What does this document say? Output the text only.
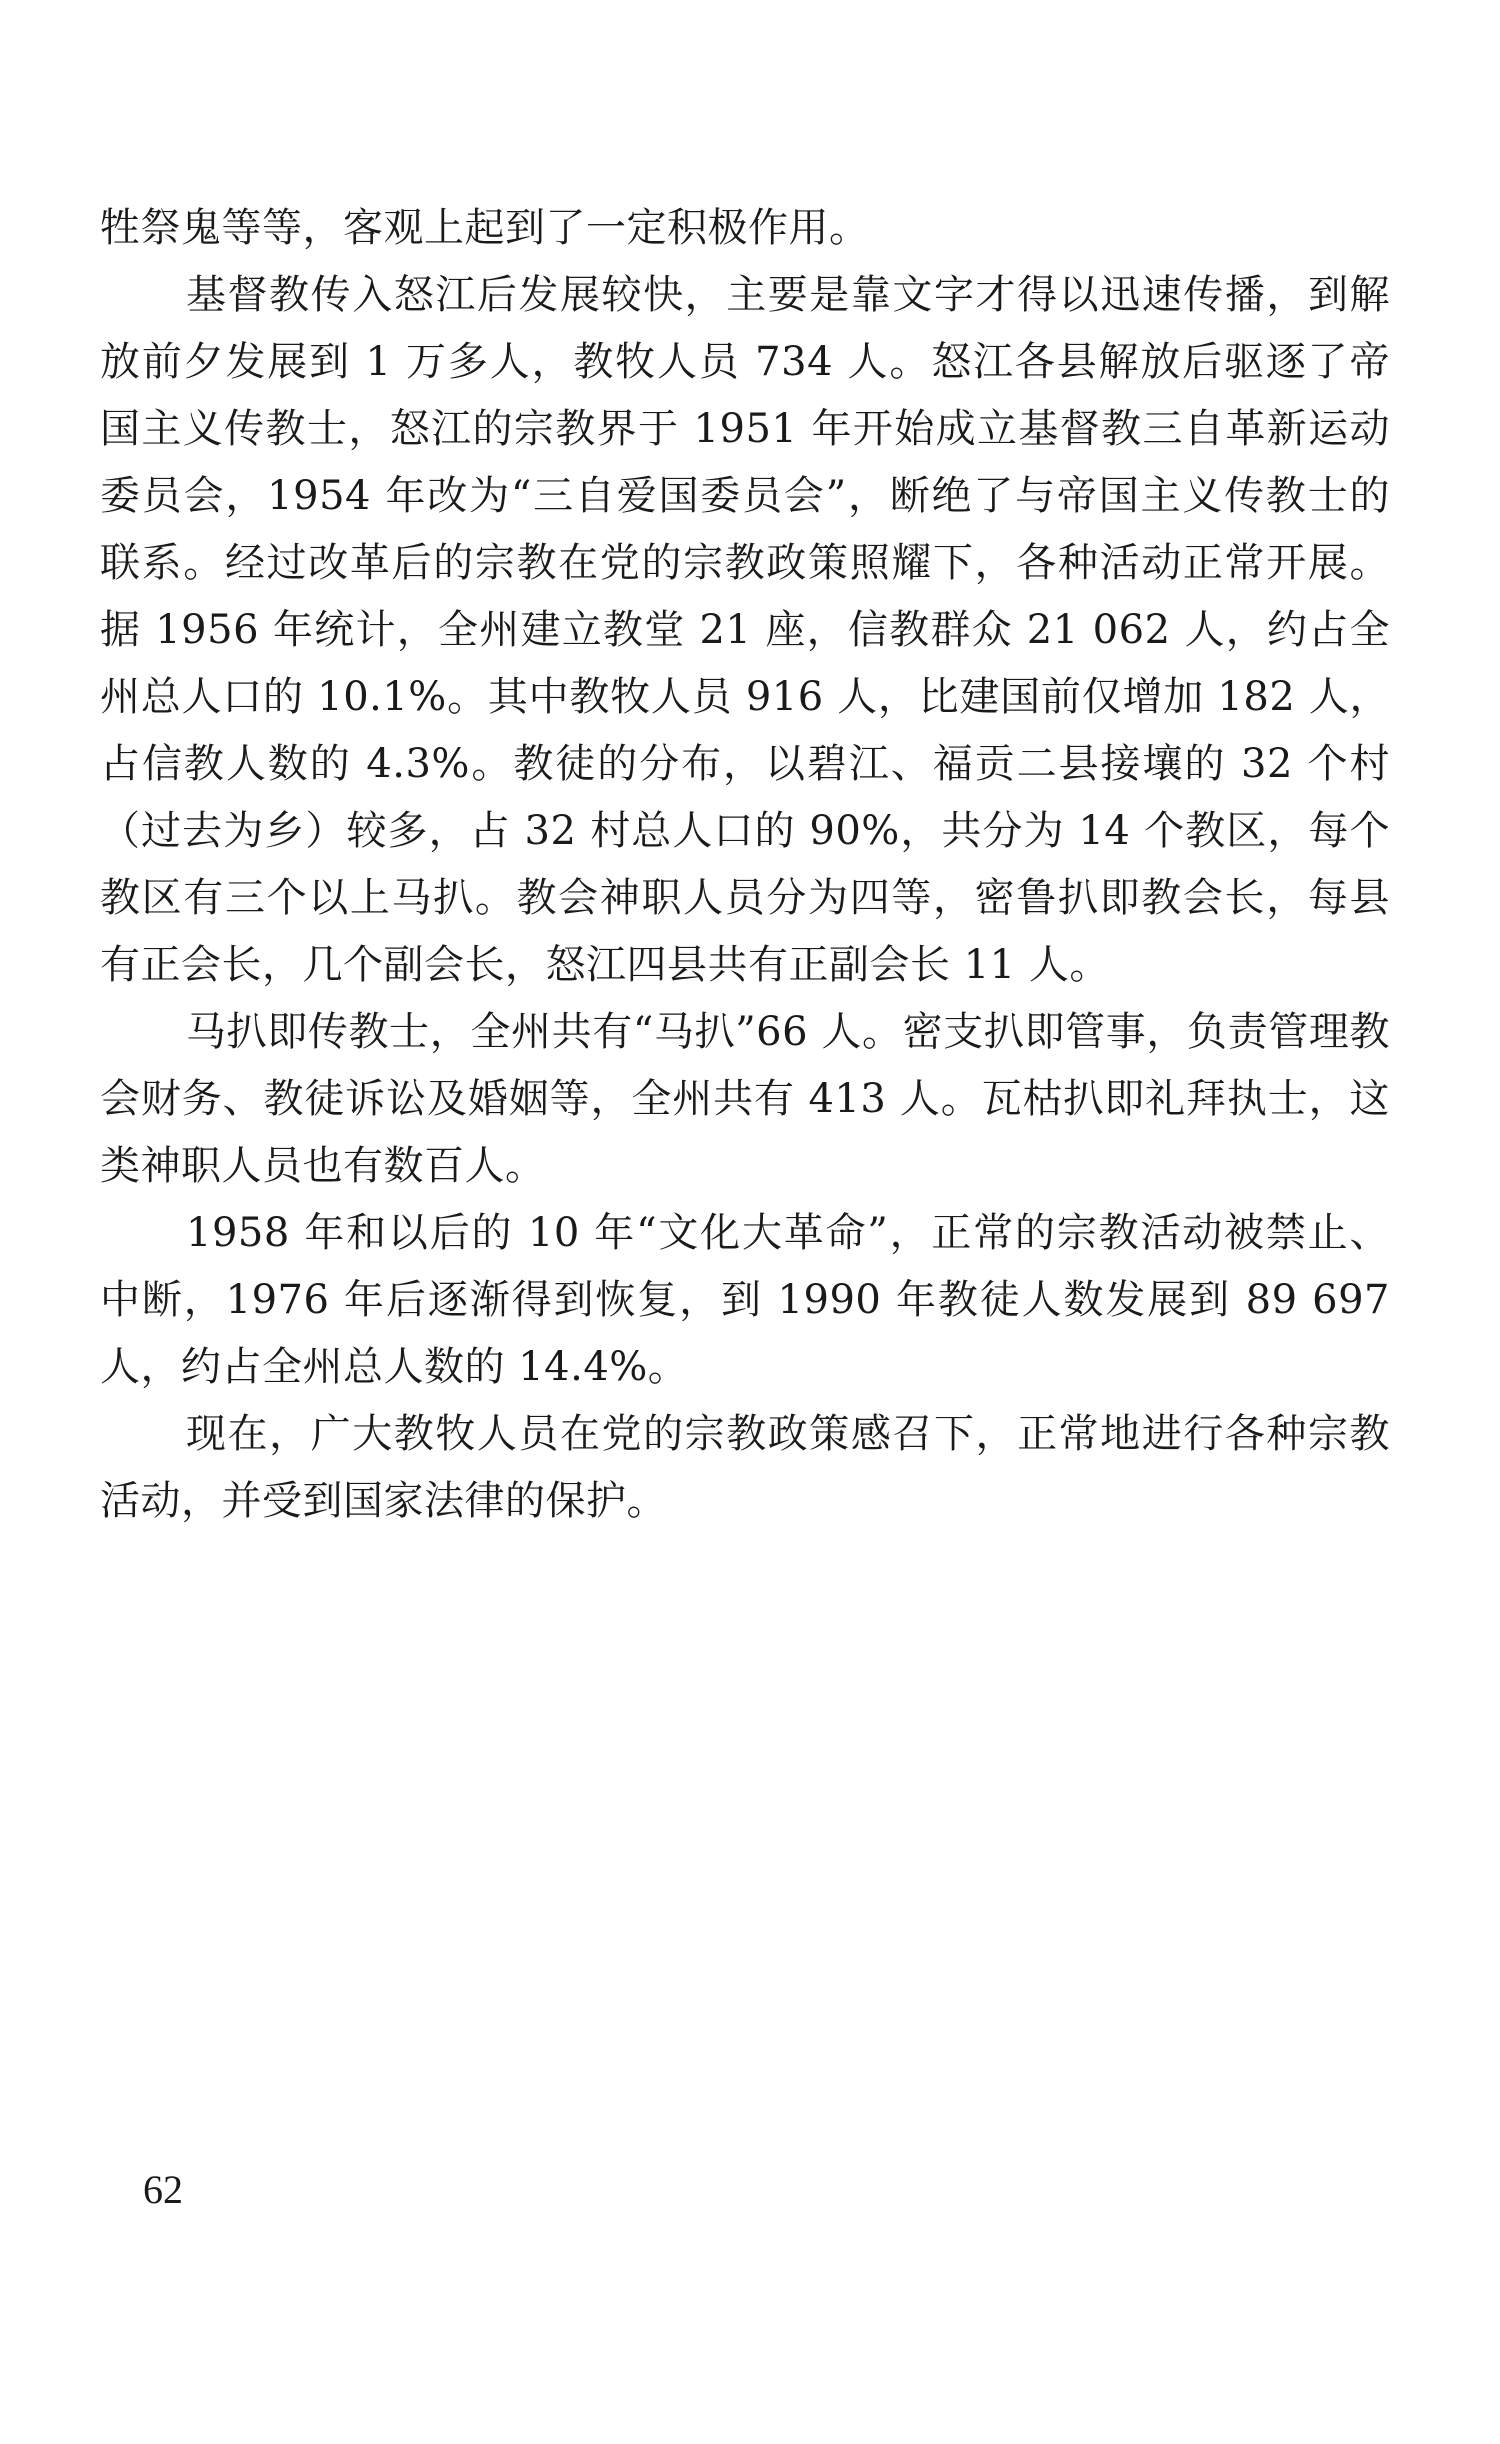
牲祭鬼等等，客观上起到了一定积极作用。

基督教传入怒江后发展较快，主要是靠文字才得以迅速传播，到解放前夕发展到 1 万多人，教牧人员 734 人。怒江各县解放后驱逐了帝国主义传教士，怒江的宗教界于 1951 年开始成立基督教三自革新运动委员会，1954 年改为“三自爱国委员会”，断绝了与帝国主义传教士的联系。经过改革后的宗教在党的宗教政策照耀下，各种活动正常开展。据 1956 年统计，全州建立教堂 21 座，信教群众 21 062 人，约占全州总人口的 10.1%。其中教牧人员 916 人，比建国前仅增加 182 人，占信教人数的 4.3%。教徒的分布，以碧江、福贡二县接壤的 32 个村（过去为乡）较多，占 32 村总人口的 90%，共分为 14 个教区，每个教区有三个以上马扒。教会神职人员分为四等，密鲁扒即教会长，每县有正会长，几个副会长，怒江四县共有正副会长 11 人。

马扒即传教士，全州共有“马扒”66 人。密支扒即管事，负责管理教会财务、教徒诉讼及婚姻等，全州共有 413 人。瓦枯扒即礼拜执士，这类神职人员也有数百人。

1958 年和以后的 10 年“文化大革命”，正常的宗教活动被禁止、中断，1976 年后逐渐得到恢复，到 1990 年教徒人数发展到 89 697 人，约占全州总人数的 14.4%。

现在，广大教牧人员在党的宗教政策感召下，正常地进行各种宗教活动，并受到国家法律的保护。

62
